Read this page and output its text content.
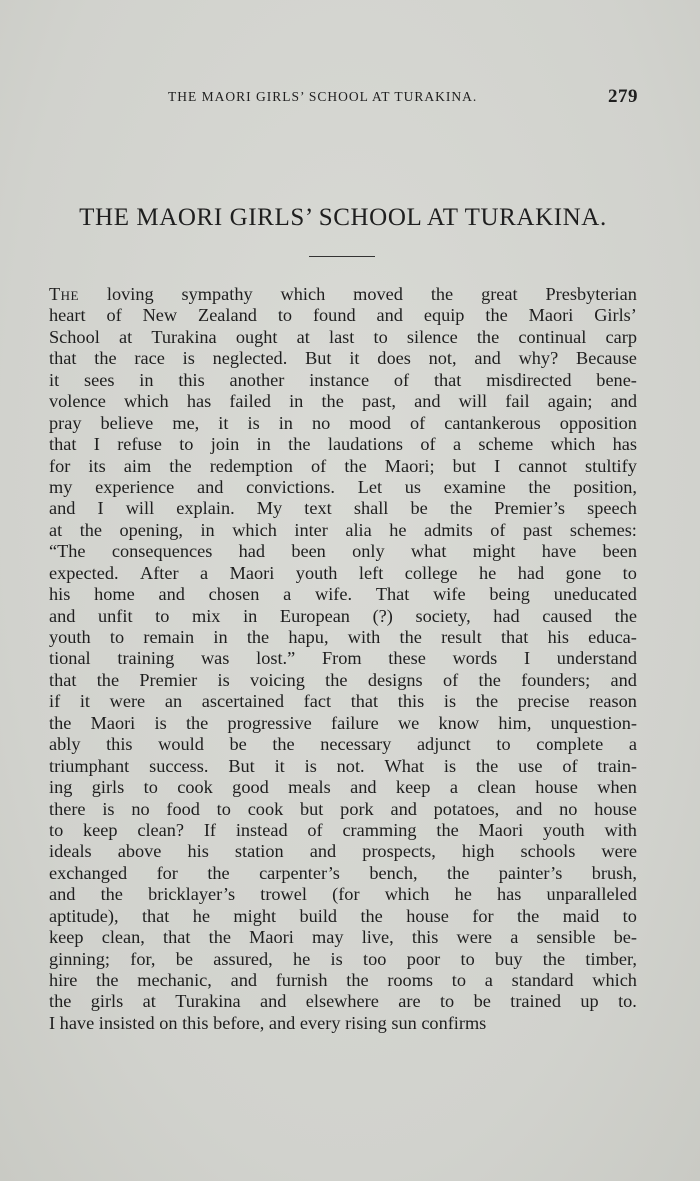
THE MAORI GIRLS’ SCHOOL AT TURAKINA.	279
THE MAORI GIRLS’ SCHOOL AT TURAKINA.
The loving sympathy which moved the great Presbyterian
heart of New Zealand to found and equip the Maori Girls’
School at Turakina ought at last to silence the continual carp
that the race is neglected. But it does not, and why? Because
it sees in this another instance of that misdirected bene-
volence which has failed in the past, and will fail again; and
pray believe me, it is in no mood of cantankerous opposition
that I refuse to join in the laudations of a scheme which has
for its aim the redemption of the Maori; but I cannot stultify
my experience and convictions. Let us examine the position,
and I will explain. My text shall be the Premier’s speech
at the opening, in which inter alia he admits of past schemes:
“The consequences had been only what might have been
expected. After a Maori youth left college he had gone to
his home and chosen a wife. That wife being uneducated
and unfit to mix in European (?) society, had caused the
youth to remain in the hapu, with the result that his educa-
tional training was lost.” From these words I understand
that the Premier is voicing the designs of the founders; and
if it were an ascertained fact that this is the precise reason
the Maori is the progressive failure we know him, unquestion-
ably this would be the necessary adjunct to complete a
triumphant success. But it is not. What is the use of train-
ing girls to cook good meals and keep a clean house when
there is no food to cook but pork and potatoes, and no house
to keep clean? If instead of cramming the Maori youth with
ideals above his station and prospects, high schools were
exchanged for the carpenter’s bench, the painter’s brush,
and the bricklayer’s trowel (for which he has unparalleled
aptitude), that he might build the house for the maid to
keep clean, that the Maori may live, this were a sensible be-
ginning; for, be assured, he is too poor to buy the timber,
hire the mechanic, and furnish the rooms to a standard which
the girls at Turakina and elsewhere are to be trained up to.
I
have
insisted
on
this
before,
and
every
rising
sun
confirms
